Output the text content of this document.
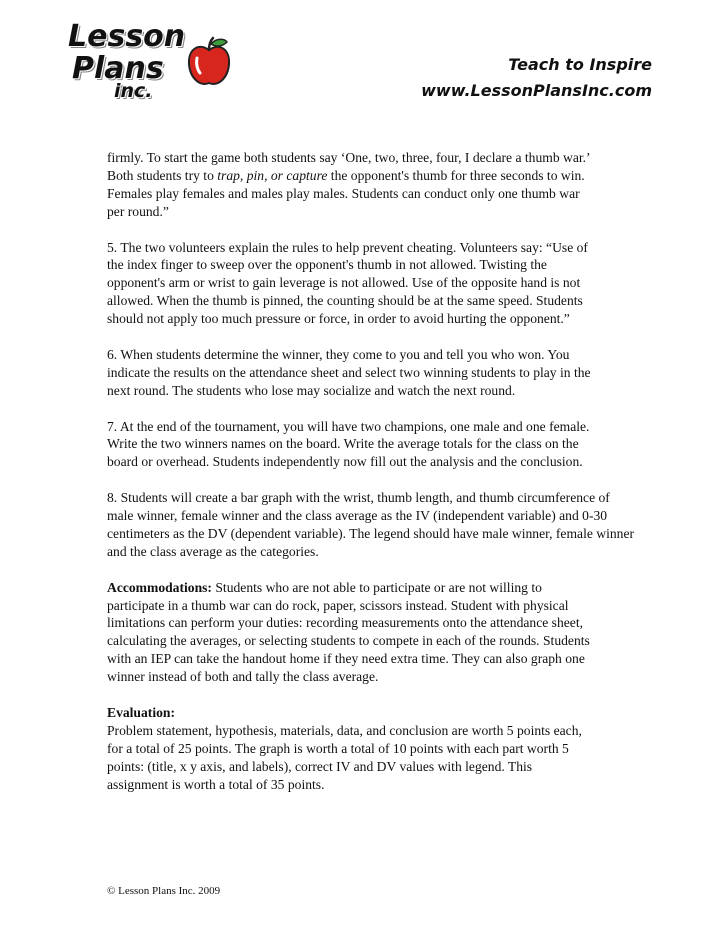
Lesson

Plans

inc.

Teach to Inspire
www.LessonPlansInc.com

firmly. To start the game both students say ‘One, two, three, four, I declare a thumb war.’
Both students try to trap, pin, or capture the opponent's thumb for three seconds to win.
Females play females and males play males. Students can conduct only one thumb war
per round.”

5. The two volunteers explain the rules to help prevent cheating. Volunteers say: “Use of
the index finger to sweep over the opponent's thumb in not allowed. Twisting the
opponent's arm or wrist to gain leverage is not allowed. Use of the opposite hand is not
allowed. When the thumb is pinned, the counting should be at the same speed. Students
should not apply too much pressure or force, in order to avoid hurting the opponent.”

6. When students determine the winner, they come to you and tell you who won. You
indicate the results on the attendance sheet and select two winning students to play in the
next round. The students who lose may socialize and watch the next round.

7. At the end of the tournament, you will have two champions, one male and one female.
Write the two winners names on the board. Write the average totals for the class on the
board or overhead. Students independently now fill out the analysis and the conclusion.

8. Students will create a bar graph with the wrist, thumb length, and thumb circumference of
male winner, female winner and the class average as the IV (independent variable) and 0-30
centimeters as the DV (dependent variable). The legend should have male winner, female winner
and the class average as the categories.

Accommodations: Students who are not able to participate or are not willing to
participate in a thumb war can do rock, paper, scissors instead. Student with physical
limitations can perform your duties: recording measurements onto the attendance sheet,
calculating the averages, or selecting students to compete in each of the rounds. Students
with an IEP can take the handout home if they need extra time. They can also graph one
winner instead of both and tally the class average.

Evaluation:
Problem statement, hypothesis, materials, data, and conclusion are worth 5 points each,
for a total of 25 points. The graph is worth a total of 10 points with each part worth 5
points: (title, x y axis, and labels), correct IV and DV values with legend. This
assignment is worth a total of 35 points.

© Lesson Plans Inc. 2009
